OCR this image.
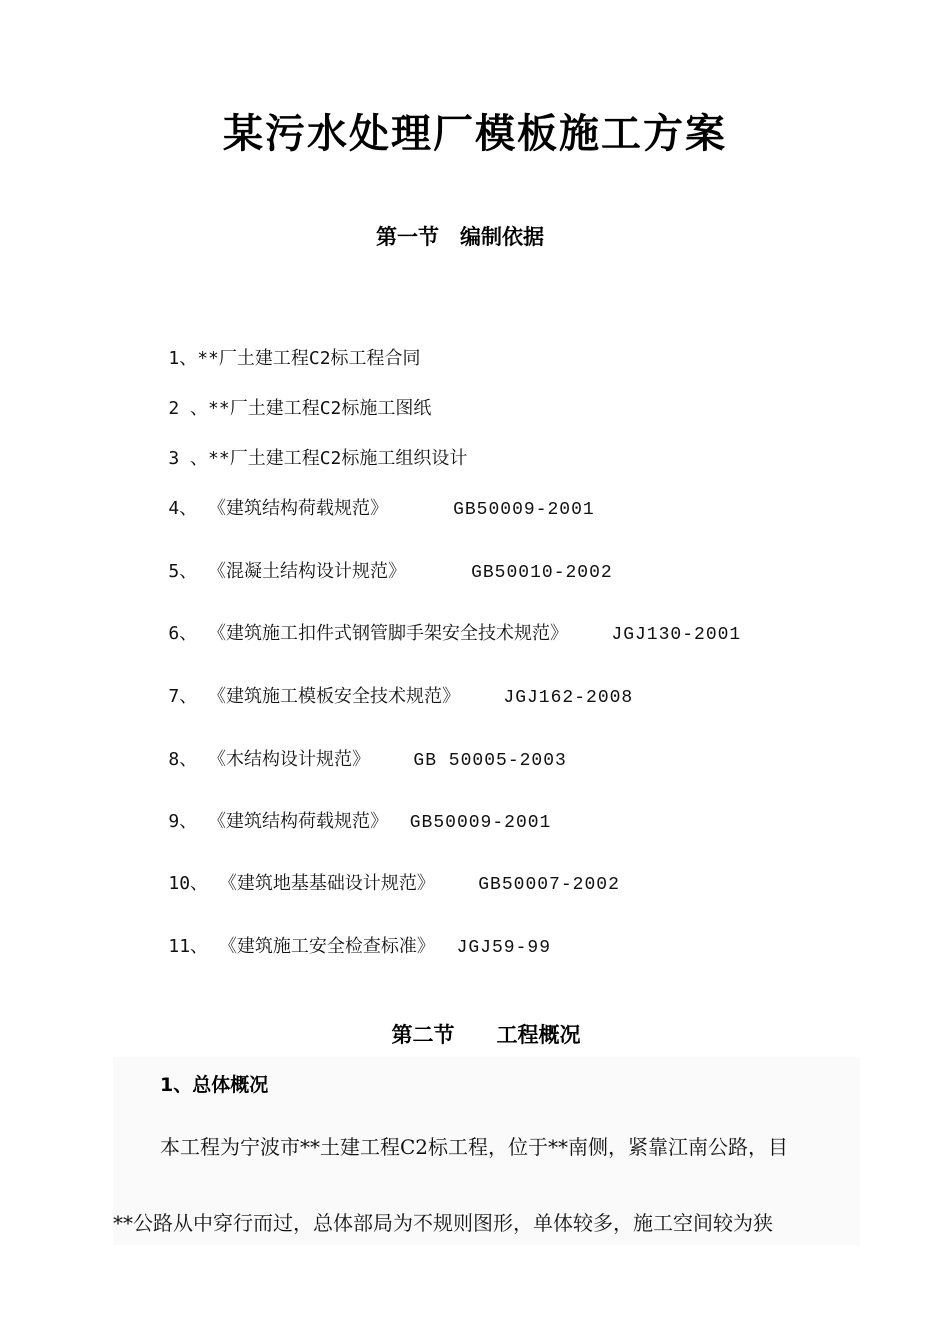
某污水处理厂模板施工方案
第一节　编制依据

1、**厂土建工程C2标工程合同

2 、**厂土建工程C2标施工图纸

3 、**厂土建工程C2标施工组织设计

4、 《建筑结构荷载规范》	GB50009-2001

5、 《混凝土结构设计规范》	GB50010-2002

6、 《建筑施工扣件式钢管脚手架安全技术规范》 JGJ130-2001

7、 《建筑施工模板安全技术规范》 JGJ162-2008

8、 《木结构设计规范》 GB 50005-2003

9、 《建筑结构荷载规范》 GB50009-2001

10、 《建筑地基基础设计规范》 GB50007-2002

11、 《建筑施工安全检查标准》 JGJ59-99

第二节　　工程概况
1、总体概况

本工程为宁波市**土建工程C2标工程，位于**南侧，紧靠江南公路，目

**公路从中穿行而过，总体部局为不规则图形，单体较多，施工空间较为狭
